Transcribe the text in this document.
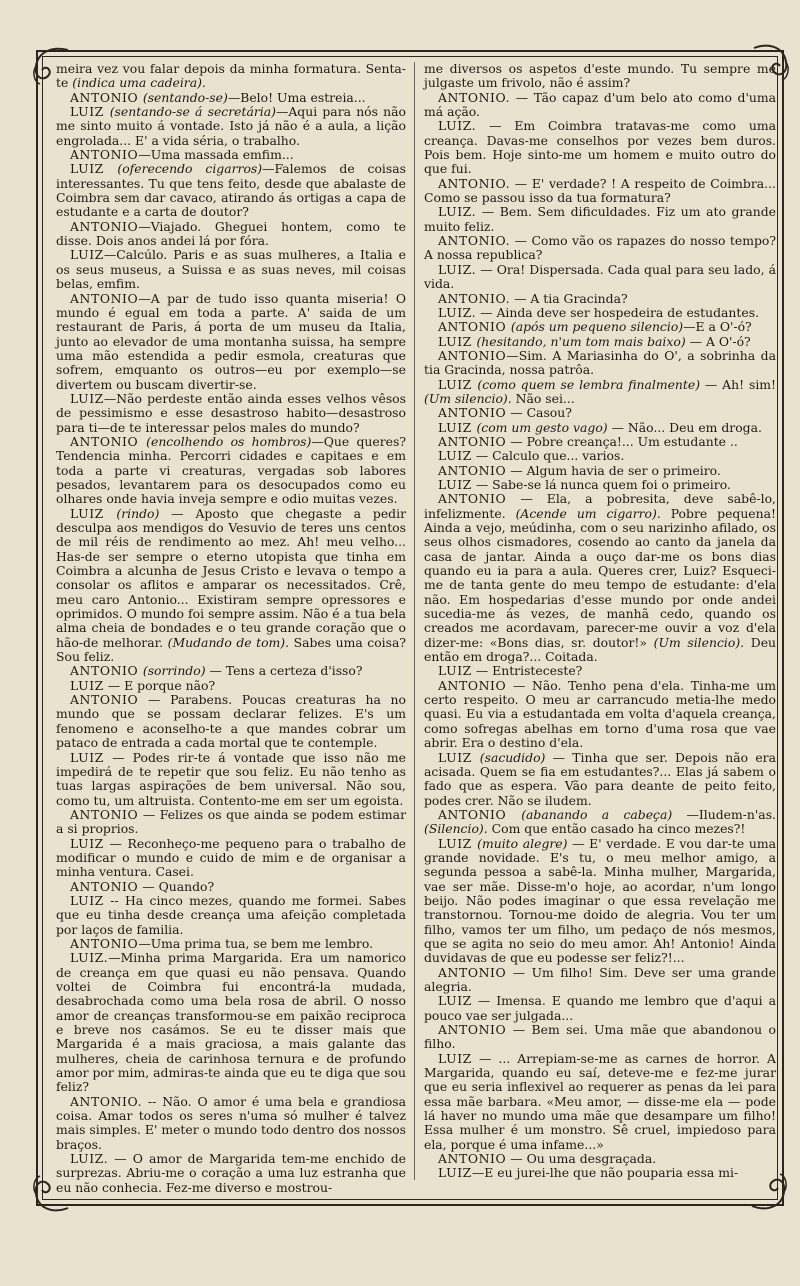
meira vez vou falar depois da minha formatura. Senta-te (indica uma cadeira).

ANTONIO (sentando-se)—Belo! Uma estreia...

LUIZ (sentando-se á secretária)—Aqui para nós não me sinto muito á vontade. Isto já não é a aula, a lição engrolada... E' a vida séria, o trabalho.

ANTONIO—Uma massada emfim...

LUIZ (oferecendo cigarros)—Falemos de coisas interessantes. Tu que tens feito, desde que abalaste de Coimbra sem dar cavaco, atirando ás ortigas a capa de estudante e a carta de doutor?

ANTONIO—Viajado. Gheguei hontem, como te disse. Dois anos andei lá por fóra.

LUIZ—Calcúlo. Paris e as suas mulheres, a Italia e os seus museus, a Suissa e as suas neves, mil coisas belas, emfim.

ANTONIO—A par de tudo isso quanta miseria! O mundo é egual em toda a parte. A' saida de um restaurant de Paris, á porta de um museu da Italia, junto ao elevador de uma montanha suissa, ha sempre uma mão estendida a pedir esmola, creaturas que sofrem, emquanto os outros—eu por exemplo—se divertem ou buscam divertir-se.

LUIZ—Não perdeste então ainda esses velhos vêsos de pessimismo e esse desastroso habito—desastroso para ti—de te interessar pelos males do mundo?

ANTONIO (encolhendo os hombros)—Que queres? Tendencia minha. Percorri cidades e capitaes e em toda a parte vi creaturas, vergadas sob labores pesados, levantarem para os desocupados como eu olhares onde havia inveja sempre e odio muitas vezes.

LUIZ (rindo) — Aposto que chegaste a pedir desculpa aos mendigos do Vesuvio de teres uns centos de mil réis de rendimento ao mez. Ah! meu velho... Has-de ser sempre o eterno utopista que tinha em Coimbra a alcunha de Jesus Cristo e levava o tempo a consolar os aflitos e amparar os necessitados. Crê, meu caro Antonio... Existiram sempre opressores e oprimidos. O mundo foi sempre assim. Não é a tua bela alma cheia de bondades e o teu grande coração que o hão-de melhorar. (Mudando de tom). Sabes uma coisa? Sou feliz.

ANTONIO (sorrindo) — Tens a certeza d'isso?

LUIZ — E porque não?

ANTONIO — Parabens. Poucas creaturas ha no mundo que se possam declarar felizes. E's um fenomeno e aconselho-te a que mandes cobrar um pataco de entrada a cada mortal que te contemple.

LUIZ — Podes rir-te á vontade que isso não me impedirá de te repetir que sou feliz. Eu não tenho as tuas largas aspirações de bem universal. Não sou, como tu, um altruista. Contento-me em ser um egoista.

ANTONIO — Felizes os que ainda se podem estimar a si proprios.

LUIZ — Reconheço-me pequeno para o trabalho de modificar o mundo e cuido de mim e de organisar a minha ventura. Casei.

ANTONIO — Quando?

LUIZ -- Ha cinco mezes, quando me formei. Sabes que eu tinha desde creança uma afeição completada por laços de familia.

ANTONIO—Uma prima tua, se bem me lembro.

LUIZ.—Minha prima Margarida. Era um namorico de creança em que quasi eu não pensava. Quando voltei de Coimbra fui encontrá-la mudada, desabrochada como uma bela rosa de abril. O nosso amor de creanças transformou-se em paixão reciproca e breve nos casámos. Se eu te disser mais que Margarida é a mais graciosa, a mais galante das mulheres, cheia de carinhosa ternura e de profundo amor por mim, admiras-te ainda que eu te diga que sou feliz?

ANTONIO. -- Não. O amor é uma bela e grandiosa coisa. Amar todos os seres n'uma só mulher é talvez mais simples. E' meter o mundo todo dentro dos nossos braços.

LUIZ. — O amor de Margarida tem-me enchido de surprezas. Abriu-me o coração a uma luz estranha que eu não conhecia. Fez-me diverso e mostrou-

me diversos os aspetos d'este mundo. Tu sempre me julgaste um frivolo, não é assim?

ANTONIO. — Tão capaz d'um belo ato como d'uma má ação.

LUIZ. — Em Coimbra tratavas-me como uma creança. Davas-me conselhos por vezes bem duros. Pois bem. Hoje sinto-me um homem e muito outro do que fui.

ANTONIO. — E' verdade? ! A respeito de Coimbra... Como se passou isso da tua formatura?

LUIZ. — Bem. Sem dificuldades. Fiz um ato grande muito feliz.

ANTONIO. — Como vão os rapazes do nosso tempo? A nossa republica?

LUIZ. — Ora! Dispersada. Cada qual para seu lado, á vida.

ANTONIO. — A tia Gracinda?

LUIZ. — Ainda deve ser hospedeira de estudantes.

ANTONIO (após um pequeno silencio)—E a O'-ó?

LUIZ (hesitando, n'um tom mais baixo) — A O'-ó?

ANTONIO—Sim. A Mariasinha do O', a sobrinha da tia Gracinda, nossa patrôa.

LUIZ (como quem se lembra finalmente) — Ah! sim! (Um silencio). Não sei...

ANTONIO — Casou?

LUIZ (com um gesto vago) — Não... Deu em droga.

ANTONIO — Pobre creança!... Um estudante ..

LUIZ — Calculo que... varios.

ANTONIO — Algum havia de ser o primeiro.

LUIZ — Sabe-se lá nunca quem foi o primeiro.

ANTONIO — Ela, a pobresita, deve sabê-lo, infelizmente. (Acende um cigarro). Pobre pequena! Ainda a vejo, meúdinha, com o seu narizinho afilado, os seus olhos cismadores, cosendo ao canto da janela da casa de jantar. Ainda a ouço dar-me os bons dias quando eu ia para a aula. Queres crer, Luiz? Esqueci-me de tanta gente do meu tempo de estudante: d'ela não. Em hospedarias d'esse mundo por onde andei sucedia-me ás vezes, de manhã cedo, quando os creados me acordavam, parecer-me ouvir a voz d'ela dizer-me: «Bons dias, sr. doutor!» (Um silencio). Deu então em droga?... Coitada.

LUIZ — Entristeceste?

ANTONIO — Não. Tenho pena d'ela. Tinha-me um certo respeito. O meu ar carrancudo metia-lhe medo quasi. Eu via a estudantada em volta d'aquela creança, como sofregas abelhas em torno d'uma rosa que vae abrir. Era o destino d'ela.

LUIZ (sacudido) — Tinha que ser. Depois não era acisada. Quem se fia em estudantes?... Elas já sabem o fado que as espera. Vão para deante de peito feito, podes crer. Não se iludem.

ANTONIO (abanando a cabeça) —Iludem-n'as. (Silencio). Com que então casado ha cinco mezes?!

LUIZ (muito alegre) — E' verdade. E vou dar-te uma grande novidade. E's tu, o meu melhor amigo, a segunda pessoa a sabê-la. Minha mulher, Margarida, vae ser mãe. Disse-m'o hoje, ao acordar, n'um longo beijo. Não podes imaginar o que essa revelação me transtornou. Tornou-me doido de alegria. Vou ter um filho, vamos ter um filho, um pedaço de nós mesmos, que se agita no seio do meu amor. Ah! Antonio! Ainda duvidavas de que eu podesse ser feliz?!...

ANTONIO — Um filho! Sim. Deve ser uma grande alegria.

LUIZ — Imensa. E quando me lembro que d'aqui a pouco vae ser julgada...

ANTONIO — Bem sei. Uma mãe que abandonou o filho.

LUIZ — ... Arrepiam-se-me as carnes de horror. A Margarida, quando eu saí, deteve-me e fez-me jurar que eu seria inflexivel ao requerer as penas da lei para essa mãe barbara. «Meu amor, — disse-me ela — pode lá haver no mundo uma mãe que desampare um filho! Essa mulher é um monstro. Sê cruel, impiedoso para ela, porque é uma infame...»

ANTONIO — Ou uma desgraçada.

LUIZ—E eu jurei-lhe que não pouparia essa mi-
